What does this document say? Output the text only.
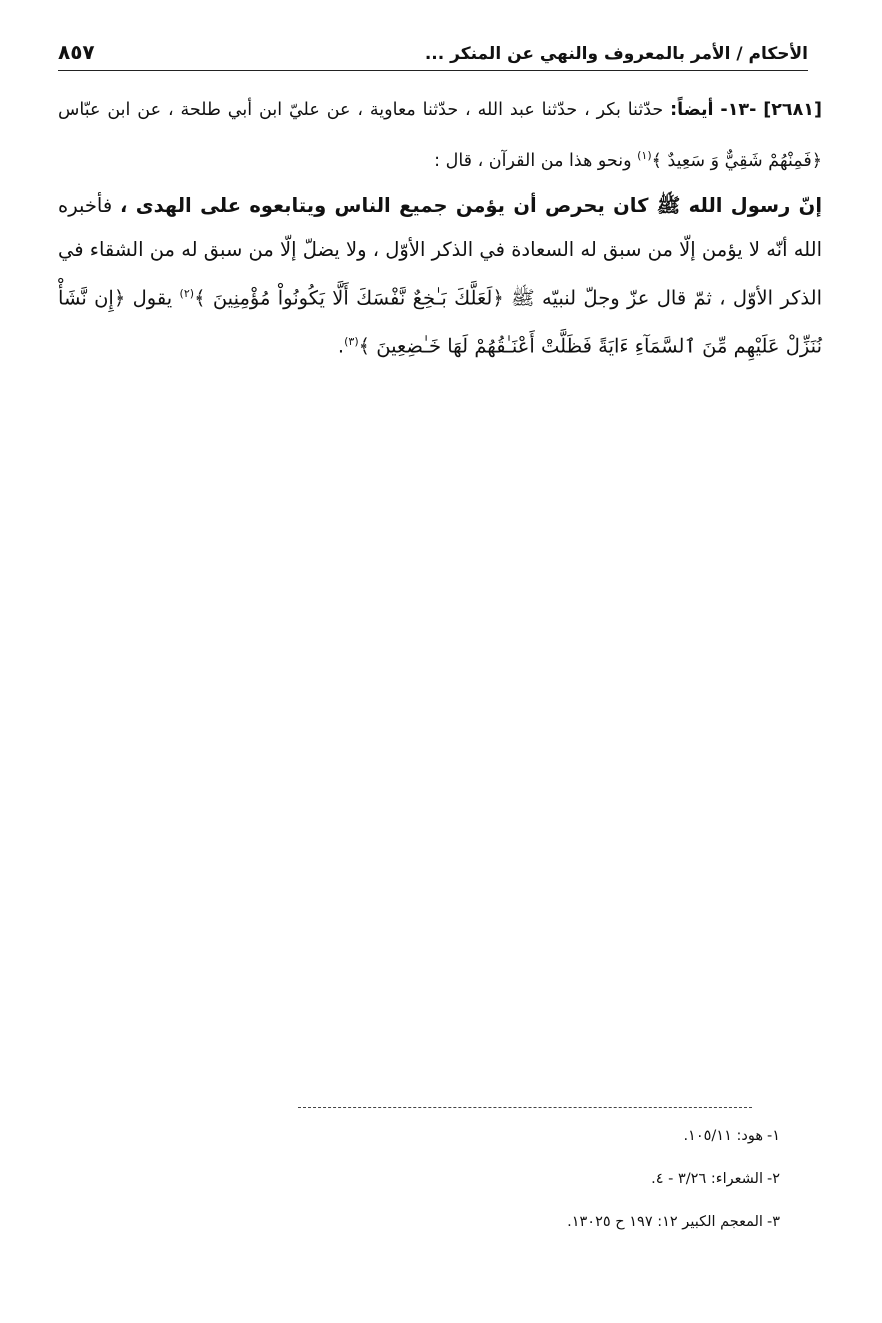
الأحكام / الأمر بالمعروف والنهي عن المنكر ...
٨٥٧

[٢٦٨١] -١٣- أيضاً: حدّثنا بكر ، حدّثنا عبد الله ، حدّثنا معاوية ، عن عليّ ابن أبي طلحة ، عن ابن عبّاس ﴿فَمِنْهُمْ شَقِيٌّ وَ سَعِيدٌ ﴾$^{(١)}$ ونحو هذا من القرآن ، قال :

إنّ رسول الله ﷺ كان يحرص أن يؤمن جميع الناس ويتابعوه على الهدى ، فأخبره الله أنّه لا يؤمن إلّا من سبق له السعادة في الذكر الأوّل ، ولا يضلّ إلّا من سبق له من الشقاء في الذكر الأوّل ، ثمّ قال عزّ وجلّ لنبيّه ﷺ ﴿لَعَلَّكَ بَـٰخِعٌ نَّفْسَكَ أَلَّا يَكُونُواْ مُؤْمِنِينَ ﴾$^{(٢)}$ يقول ﴿إِن نَّشَأْ نُنَزِّلْ عَلَيْهِم مِّنَ ٱلسَّمَآءِ ءَايَةً فَظَلَّتْ أَعْنَـٰقُهُمْ لَهَا خَـٰضِعِينَ ﴾$^{(٣)}$.

١-هود: ١٠٥/١١.

٢-الشعراء: ٣/٢٦ - ٤.

٣-المعجم الكبير ١٢: ١٩٧ ح ١٣٠٢٥.
